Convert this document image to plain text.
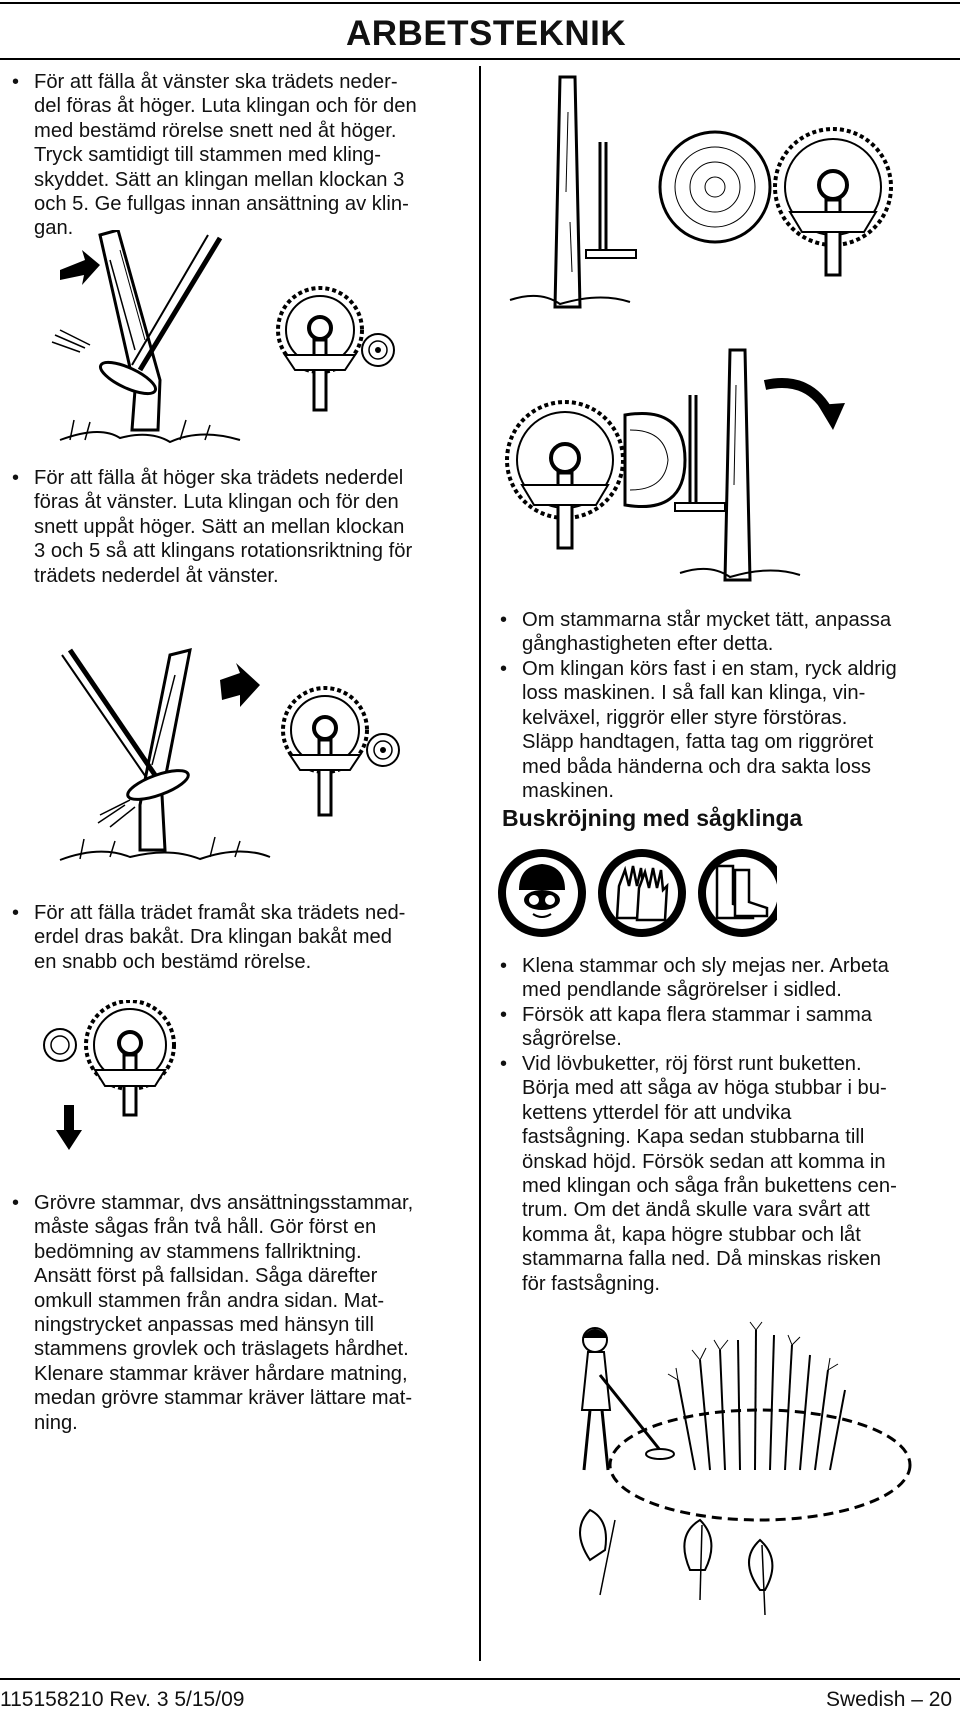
ARBETSTEKNIK
• För att fälla åt vänster ska trädets neder-
del föras åt höger. Luta klingan och för den
med bestämd rörelse snett ned åt höger.
Tryck samtidigt till stammen med kling-
skyddet. Sätt an klingan mellan klockan 3
och 5. Ge fullgas innan ansättning av klin-
gan.

• För att fälla åt höger ska trädets nederdel
föras åt vänster. Luta klingan och för den
snett uppåt höger. Sätt an mellan klockan
3 och 5 så att klingans rotationsriktning för
trädets nederdel åt vänster.

• För att fälla trädet framåt ska trädets ned-
erdel dras bakåt. Dra klingan bakåt med
en snabb och bestämd rörelse.

• Grövre stammar, dvs ansättningsstammar,
måste sågas från två håll. Gör först en
bedömning av stammens fallriktning.
Ansätt först på fallsidan. Såga därefter
omkull stammen från andra sidan. Mat-
ningstrycket anpassas med hänsyn till
stammens grovlek och träslagets hårdhet.
Klenare stammar kräver hårdare matning,
medan grövre stammar kräver lättare mat-
ning.

• Om stammarna står mycket tätt, anpassa
gånghastigheten efter detta.

• Om klingan körs fast i en stam, ryck aldrig
loss maskinen. I så fall kan klinga, vin-
kelväxel, riggrör eller styre förstöras.
Släpp handtagen, fatta tag om riggröret
med båda händerna och dra sakta loss
maskinen.

Buskröjning med sågklinga
• Klena stammar och sly mejas ner. Arbeta
med pendlande sågrörelser i sidled.

• Försök att kapa flera stammar i samma
sågrörelse.

• Vid lövbuketter, röj först runt buketten.
Börja med att såga av höga stubbar i bu-
kettens ytterdel för att undvika
fastsågning. Kapa sedan stubbarna till
önskad höjd. Försök sedan att komma in
med klingan och såga från bukettens cen-
trum. Om det ändå skulle vara svårt att
komma åt, kapa högre stubbar och låt
stammarna falla ned. Då minskas risken
för fastsågning.

115158210 Rev. 3 5/15/09	Swedish – 20
